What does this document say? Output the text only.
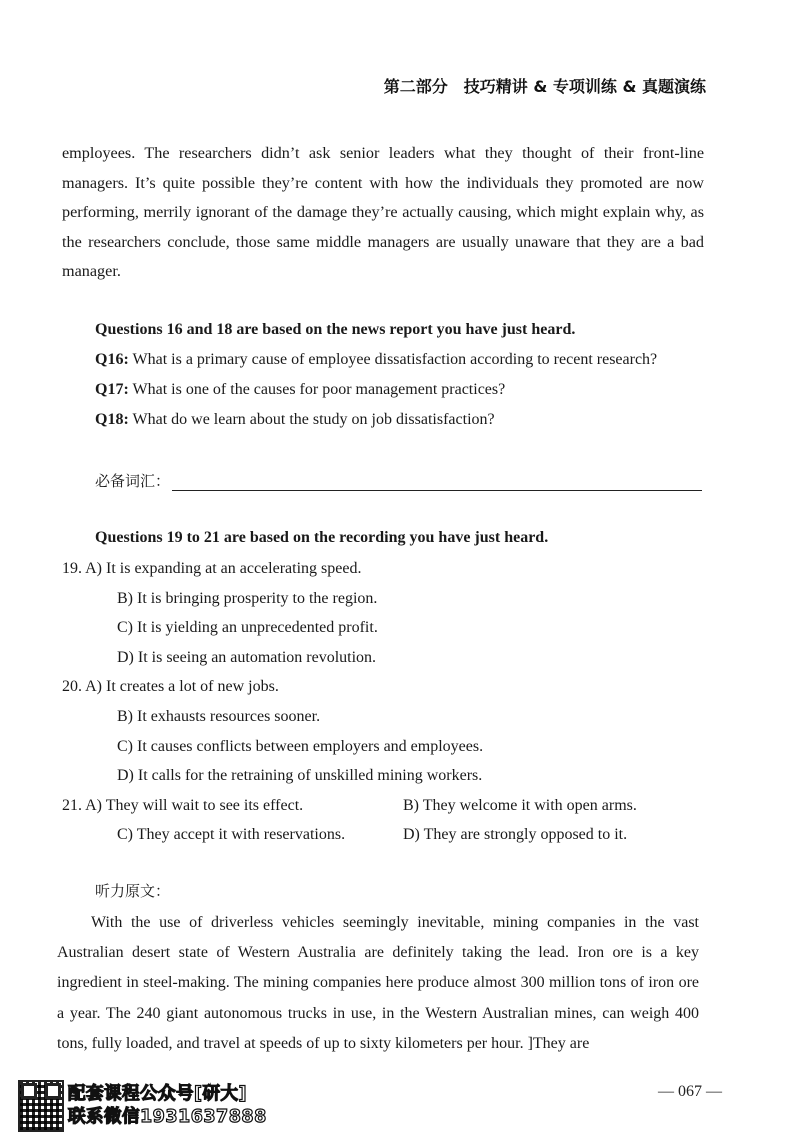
第二部分　技巧精讲 & 专项训练 & 真题演练

employees. The researchers didn’t ask senior leaders what they thought of their front-line managers. It’s quite possible they’re content with how the individuals they promoted are now performing, merrily ignorant of the damage they’re actually causing, which might explain why, as the researchers conclude, those same middle managers are usually unaware that they are a bad manager.

Questions 16 and 18 are based on the news report you have just heard.
Q16: What is a primary cause of employee dissatisfaction according to recent research?
Q17: What is one of the causes for poor management practices?
Q18: What do we learn about the study on job dissatisfaction?
必备词汇：
Questions 19 to 21 are based on the recording you have just heard.
19. A) It is expanding at an accelerating speed.
B) It is bringing prosperity to the region.
C) It is yielding an unprecedented profit.
D) It is seeing an automation revolution.
20. A) It creates a lot of new jobs.
B) It exhausts resources sooner.
C) It causes conflicts between employers and employees.
D) It calls for the retraining of unskilled mining workers.
21. A) They will wait to see its effect.	B) They welcome it with open arms.
C) They accept it with reservations.	D) They are strongly opposed to it.
听力原文：

With the use of driverless vehicles seemingly inevitable, mining companies in the vast Australian desert state of Western Australia are definitely taking the lead. Iron ore is a key ingredient in steel-making. The mining companies here produce almost 300 million tons of iron ore a year. The 240 giant autonomous trucks in use, in the Western Australian mines, can weigh 400 tons, fully loaded, and travel at speeds of up to sixty kilometers per hour. ]They are

配套课程公众号[研大]
联系微信1931637888
— 067 —
